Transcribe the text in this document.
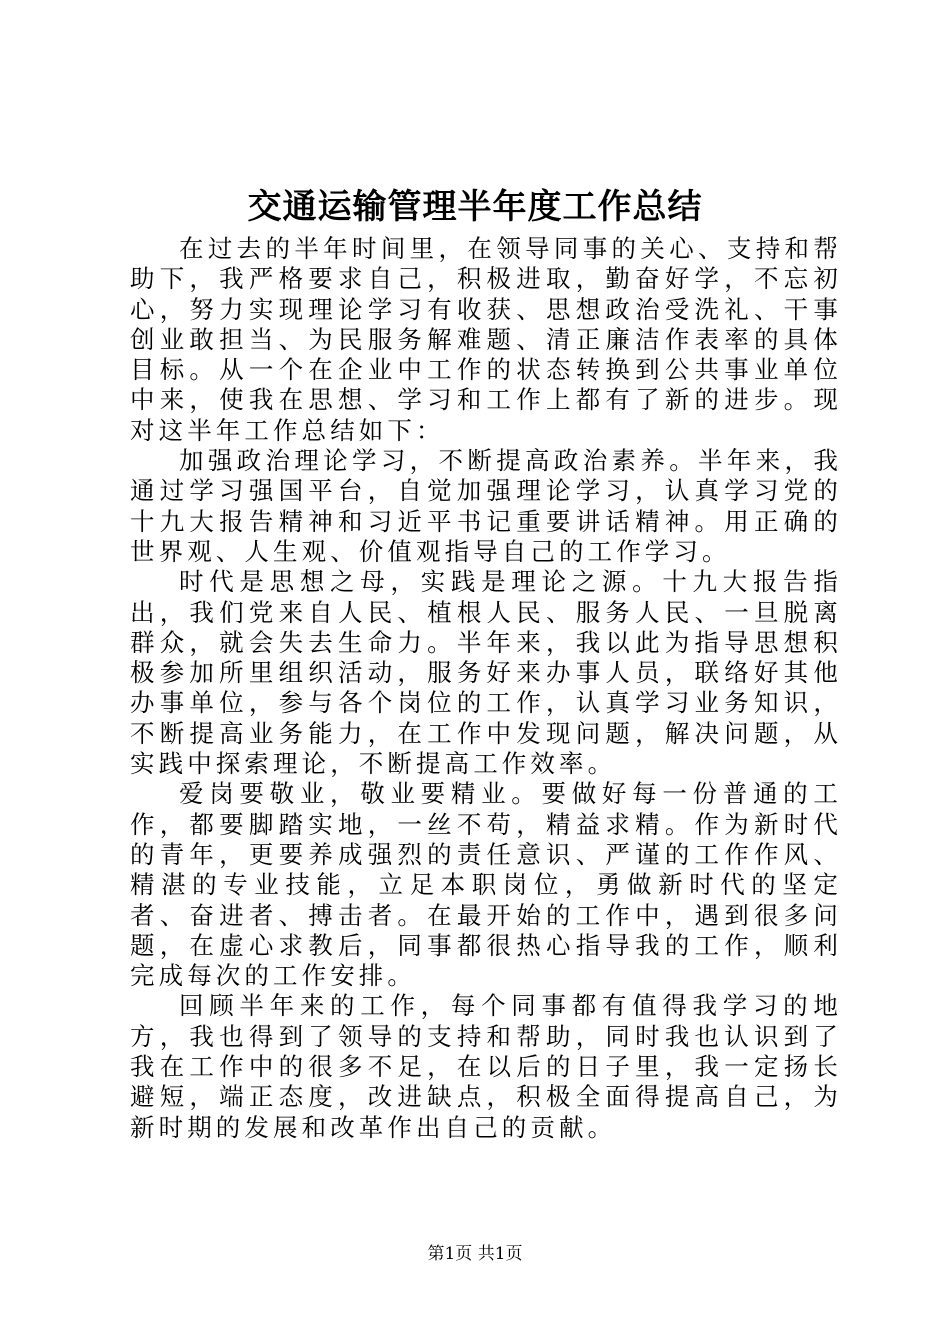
交通运输管理半年度工作总结

在过去的半年时间里，在领导同事的关心、支持和帮助下，我严格要求自己，积极进取，勤奋好学，不忘初心，努力实现理论学习有收获、思想政治受洗礼、干事创业敢担当、为民服务解难题、清正廉洁作表率的具体目标。从一个在企业中工作的状态转换到公共事业单位中来，使我在思想、学习和工作上都有了新的进步。现对这半年工作总结如下：

加强政治理论学习，不断提高政治素养。半年来，我通过学习强国平台，自觉加强理论学习，认真学习党的十九大报告精神和习近平书记重要讲话精神。用正确的世界观、人生观、价值观指导自己的工作学习。

时代是思想之母，实践是理论之源。十九大报告指出，我们党来自人民、植根人民、服务人民、一旦脱离群众，就会失去生命力。半年来，我以此为指导思想积极参加所里组织活动，服务好来办事人员，联络好其他办事单位，参与各个岗位的工作，认真学习业务知识，不断提高业务能力，在工作中发现问题，解决问题，从实践中探索理论，不断提高工作效率。

爱岗要敬业，敬业要精业。要做好每一份普通的工作，都要脚踏实地，一丝不苟，精益求精。作为新时代的青年，更要养成强烈的责任意识、严谨的工作作风、精湛的专业技能，立足本职岗位，勇做新时代的坚定者、奋进者、搏击者。在最开始的工作中，遇到很多问题，在虚心求教后，同事都很热心指导我的工作，顺利完成每次的工作安排。

回顾半年来的工作，每个同事都有值得我学习的地方，我也得到了领导的支持和帮助，同时我也认识到了我在工作中的很多不足，在以后的日子里，我一定扬长避短，端正态度，改进缺点，积极全面得提高自己，为新时期的发展和改革作出自己的贡献。

第1页 共1页
